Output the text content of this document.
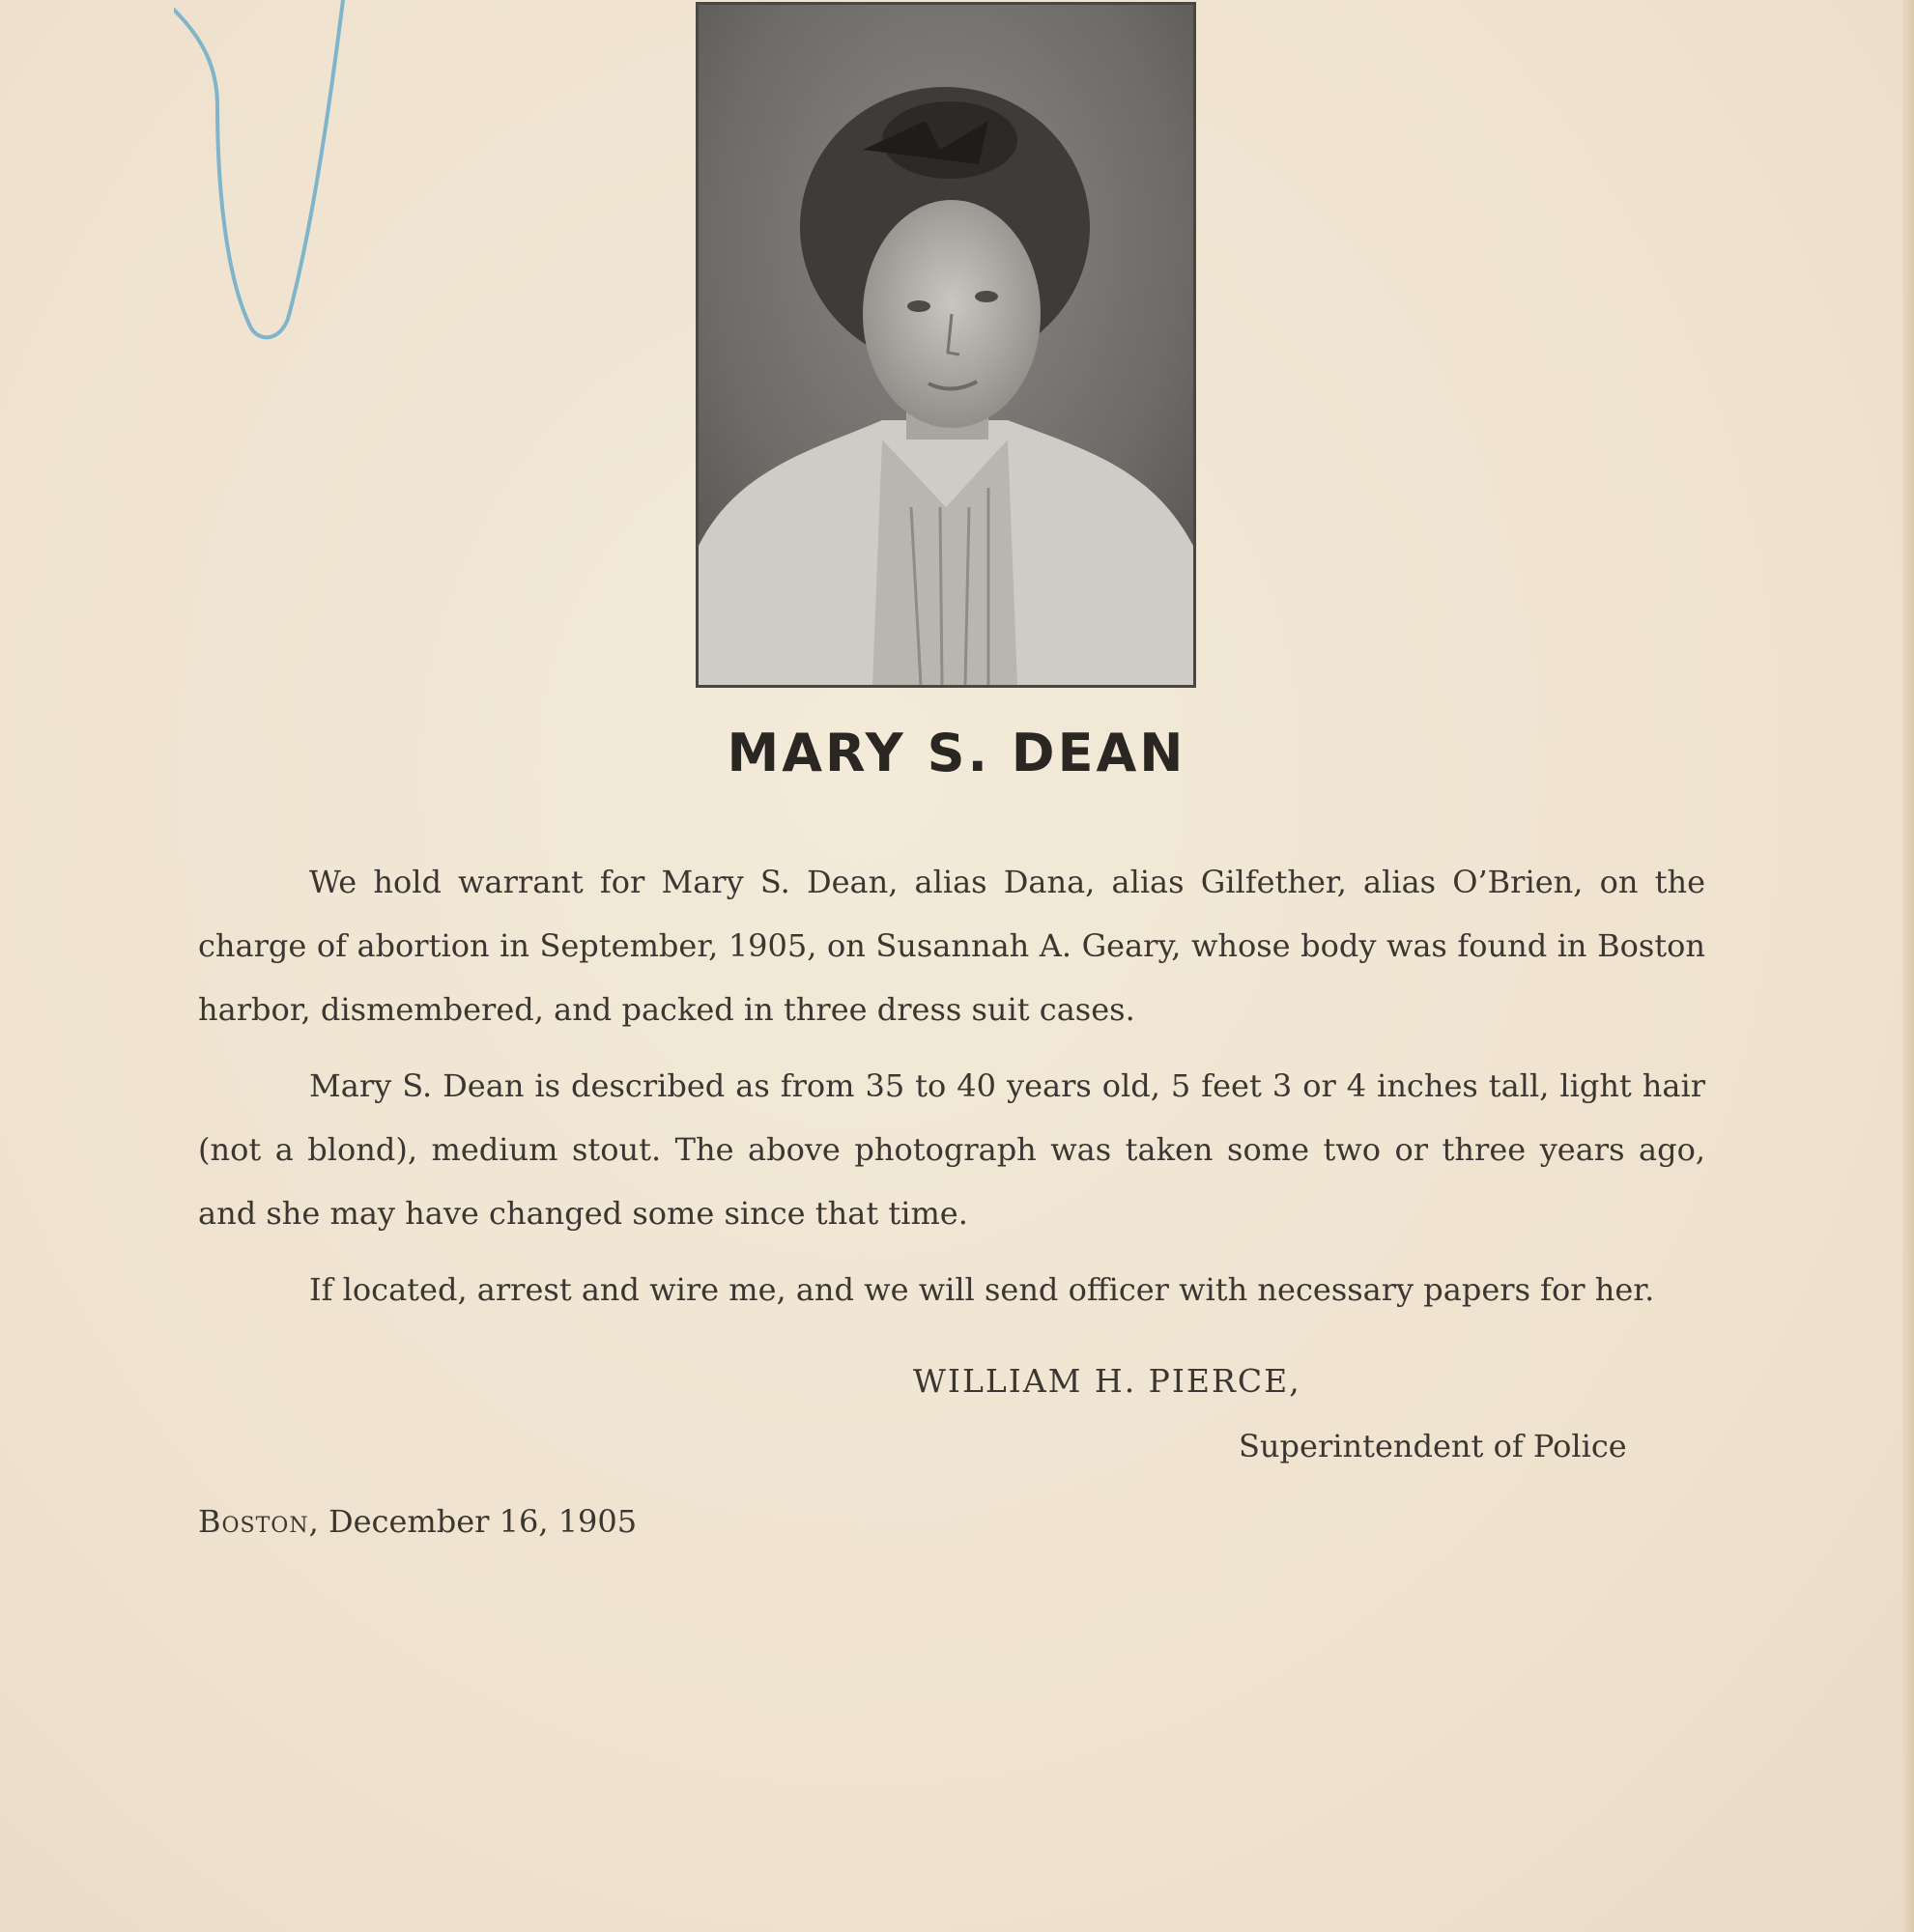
MARY S. DEAN

We hold warrant for Mary S. Dean, alias Dana, alias Gilfether, alias O’Brien, on the charge of abortion in September, 1905, on Susannah A. Geary, whose body was found in Boston harbor, dismembered, and packed in three dress suit cases.

Mary S. Dean is described as from 35 to 40 years old, 5 feet 3 or 4 inches tall, light hair (not a blond), medium stout. The above photograph was taken some two or three years ago, and she may have changed some since that time.

If located, arrest and wire me, and we will send officer with necessary papers for her.

WILLIAM H. PIERCE,
Superintendent of Police
Boston, December 16, 1905
